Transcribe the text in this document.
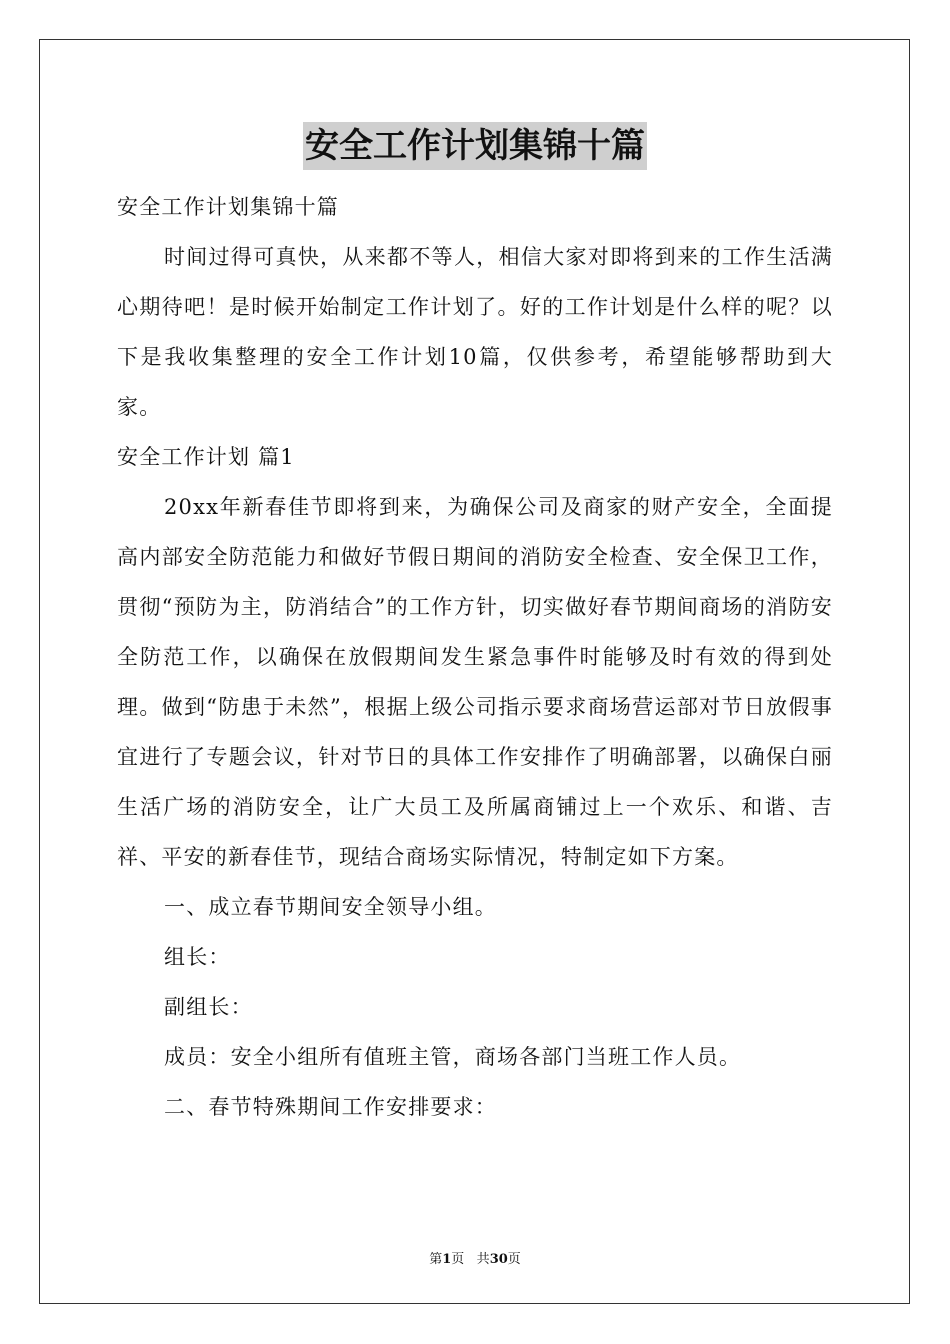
安全工作计划集锦十篇

安全工作计划集锦十篇

时间过得可真快，从来都不等人，相信大家对即将到来的工作生活满心期待吧！是时候开始制定工作计划了。好的工作计划是什么样的呢？以下是我收集整理的安全工作计划10篇，仅供参考，希望能够帮助到大家。

安全工作计划 篇1

20xx年新春佳节即将到来，为确保公司及商家的财产安全，全面提高内部安全防范能力和做好节假日期间的消防安全检查、安全保卫工作，贯彻“预防为主，防消结合”的工作方针，切实做好春节期间商场的消防安全防范工作，以确保在放假期间发生紧急事件时能够及时有效的得到处理。做到“防患于未然”，根据上级公司指示要求商场营运部对节日放假事宜进行了专题会议，针对节日的具体工作安排作了明确部署，以确保白丽生活广场的消防安全，让广大员工及所属商铺过上一个欢乐、和谐、吉祥、平安的新春佳节，现结合商场实际情况，特制定如下方案。

一、成立春节期间安全领导小组。

组长：

副组长：

成员：安全小组所有值班主管，商场各部门当班工作人员。

二、春节特殊期间工作安排要求：

第1页 共30页
